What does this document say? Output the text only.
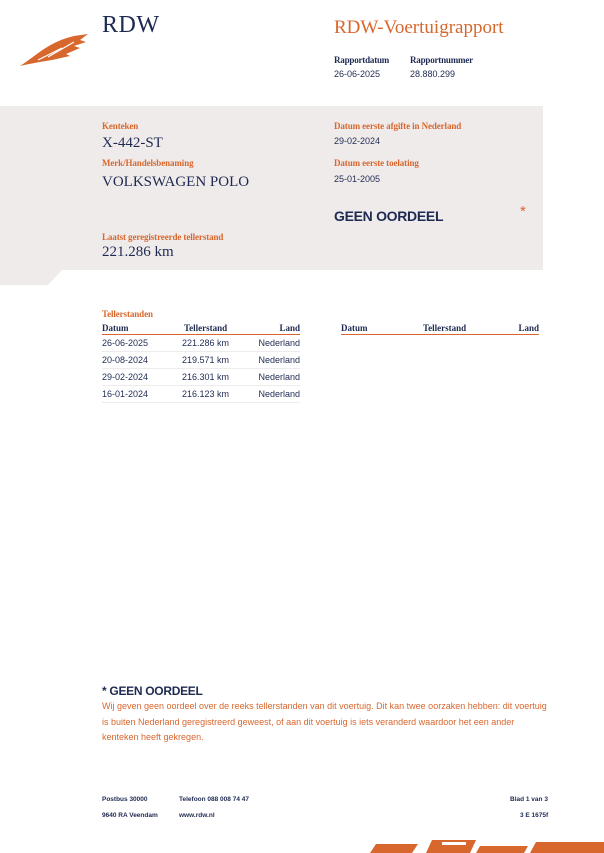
RDW	RDW-Voertuigrapport
Rapportdatum
26-06-2025
Rapportnummer
28.880.299
Kenteken
X-442-ST
Merk/Handelsbenaming
VOLKSWAGEN POLO
Laatst geregistreerde tellerstand
221.286 km
Datum eerste afgifte in Nederland
29-02-2024
Datum eerste toelating
25-01-2005
GEEN OORDEEL	*
Tellerstanden
Datum	Tellerstand	Land
26-06-2025	221.286 km	Nederland
20-08-2024	219.571 km	Nederland
29-02-2024	216.301 km	Nederland
16-01-2024	216.123 km	Nederland
Datum	Tellerstand	Land
* GEEN OORDEEL
Wij geven geen oordeel over de reeks tellerstanden van dit voertuig. Dit kan twee oorzaken hebben: dit voertuig is buiten Nederland geregistreerd geweest, of aan dit voertuig is iets veranderd waardoor het een ander kenteken heeft gekregen.
Postbus 30000
9640 RA Veendam
Telefoon 088 008 74 47
www.rdw.nl
Blad 1 van 3
3 E 1675f
